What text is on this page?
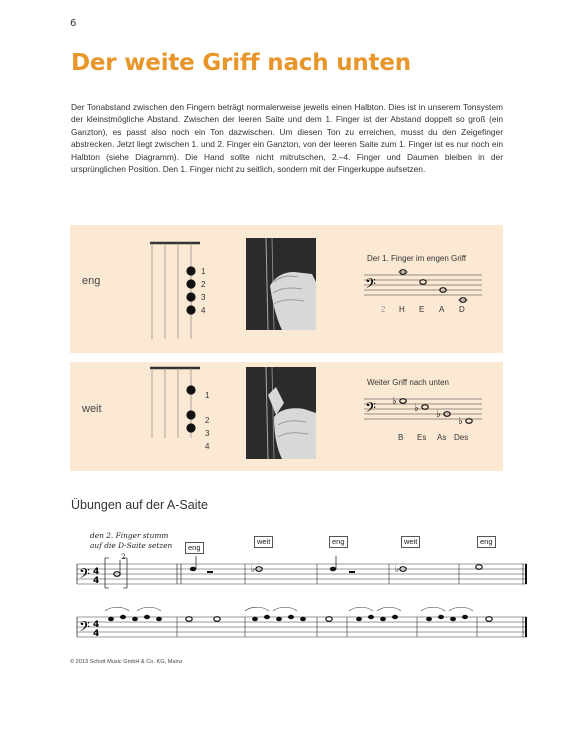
6
Der weite Griff nach unten

Der Tonabstand zwischen den Fingern beträgt normalerweise jeweils einen Halbton. Dies ist in unserem Tonsystem der kleinstmögliche Abstand. Zwischen der leeren Saite und dem 1. Finger ist der Abstand doppelt so groß (ein Ganzton), es passt also noch ein Ton dazwischen. Um diesen Ton zu erreichen, musst du den Zeigefinger abstrecken. Jetzt liegt zwischen 1. und 2. Finger ein Ganzton, von der leeren Saite zum 1. Finger ist es nur noch ein Halbton (siehe Diagramm). Die Hand sollte nicht mitrutschen, 2.–4. Finger und Daumen bleiben in der ursprünglichen Position. Den 1. Finger nicht zu seitlich, sondern mit der Fingerkuppe aufsetzen.

eng
1
2
3
4
Der 1. Finger im engen Griff
𝄢
2 H E A D
weit
1
2
3
4
Weiter Griff nach unten
𝄢 ♭
♭
♭
♭
B Es As Des
Übungen auf der A-Saite
den 2. Finger stumm
auf die D-Saite setzen
2
eng
weit	eng	weit	eng
𝄢 4
4
♭	♭
𝄢 4
4
© 2013 Schott Music GmbH & Co. KG, Mainz
